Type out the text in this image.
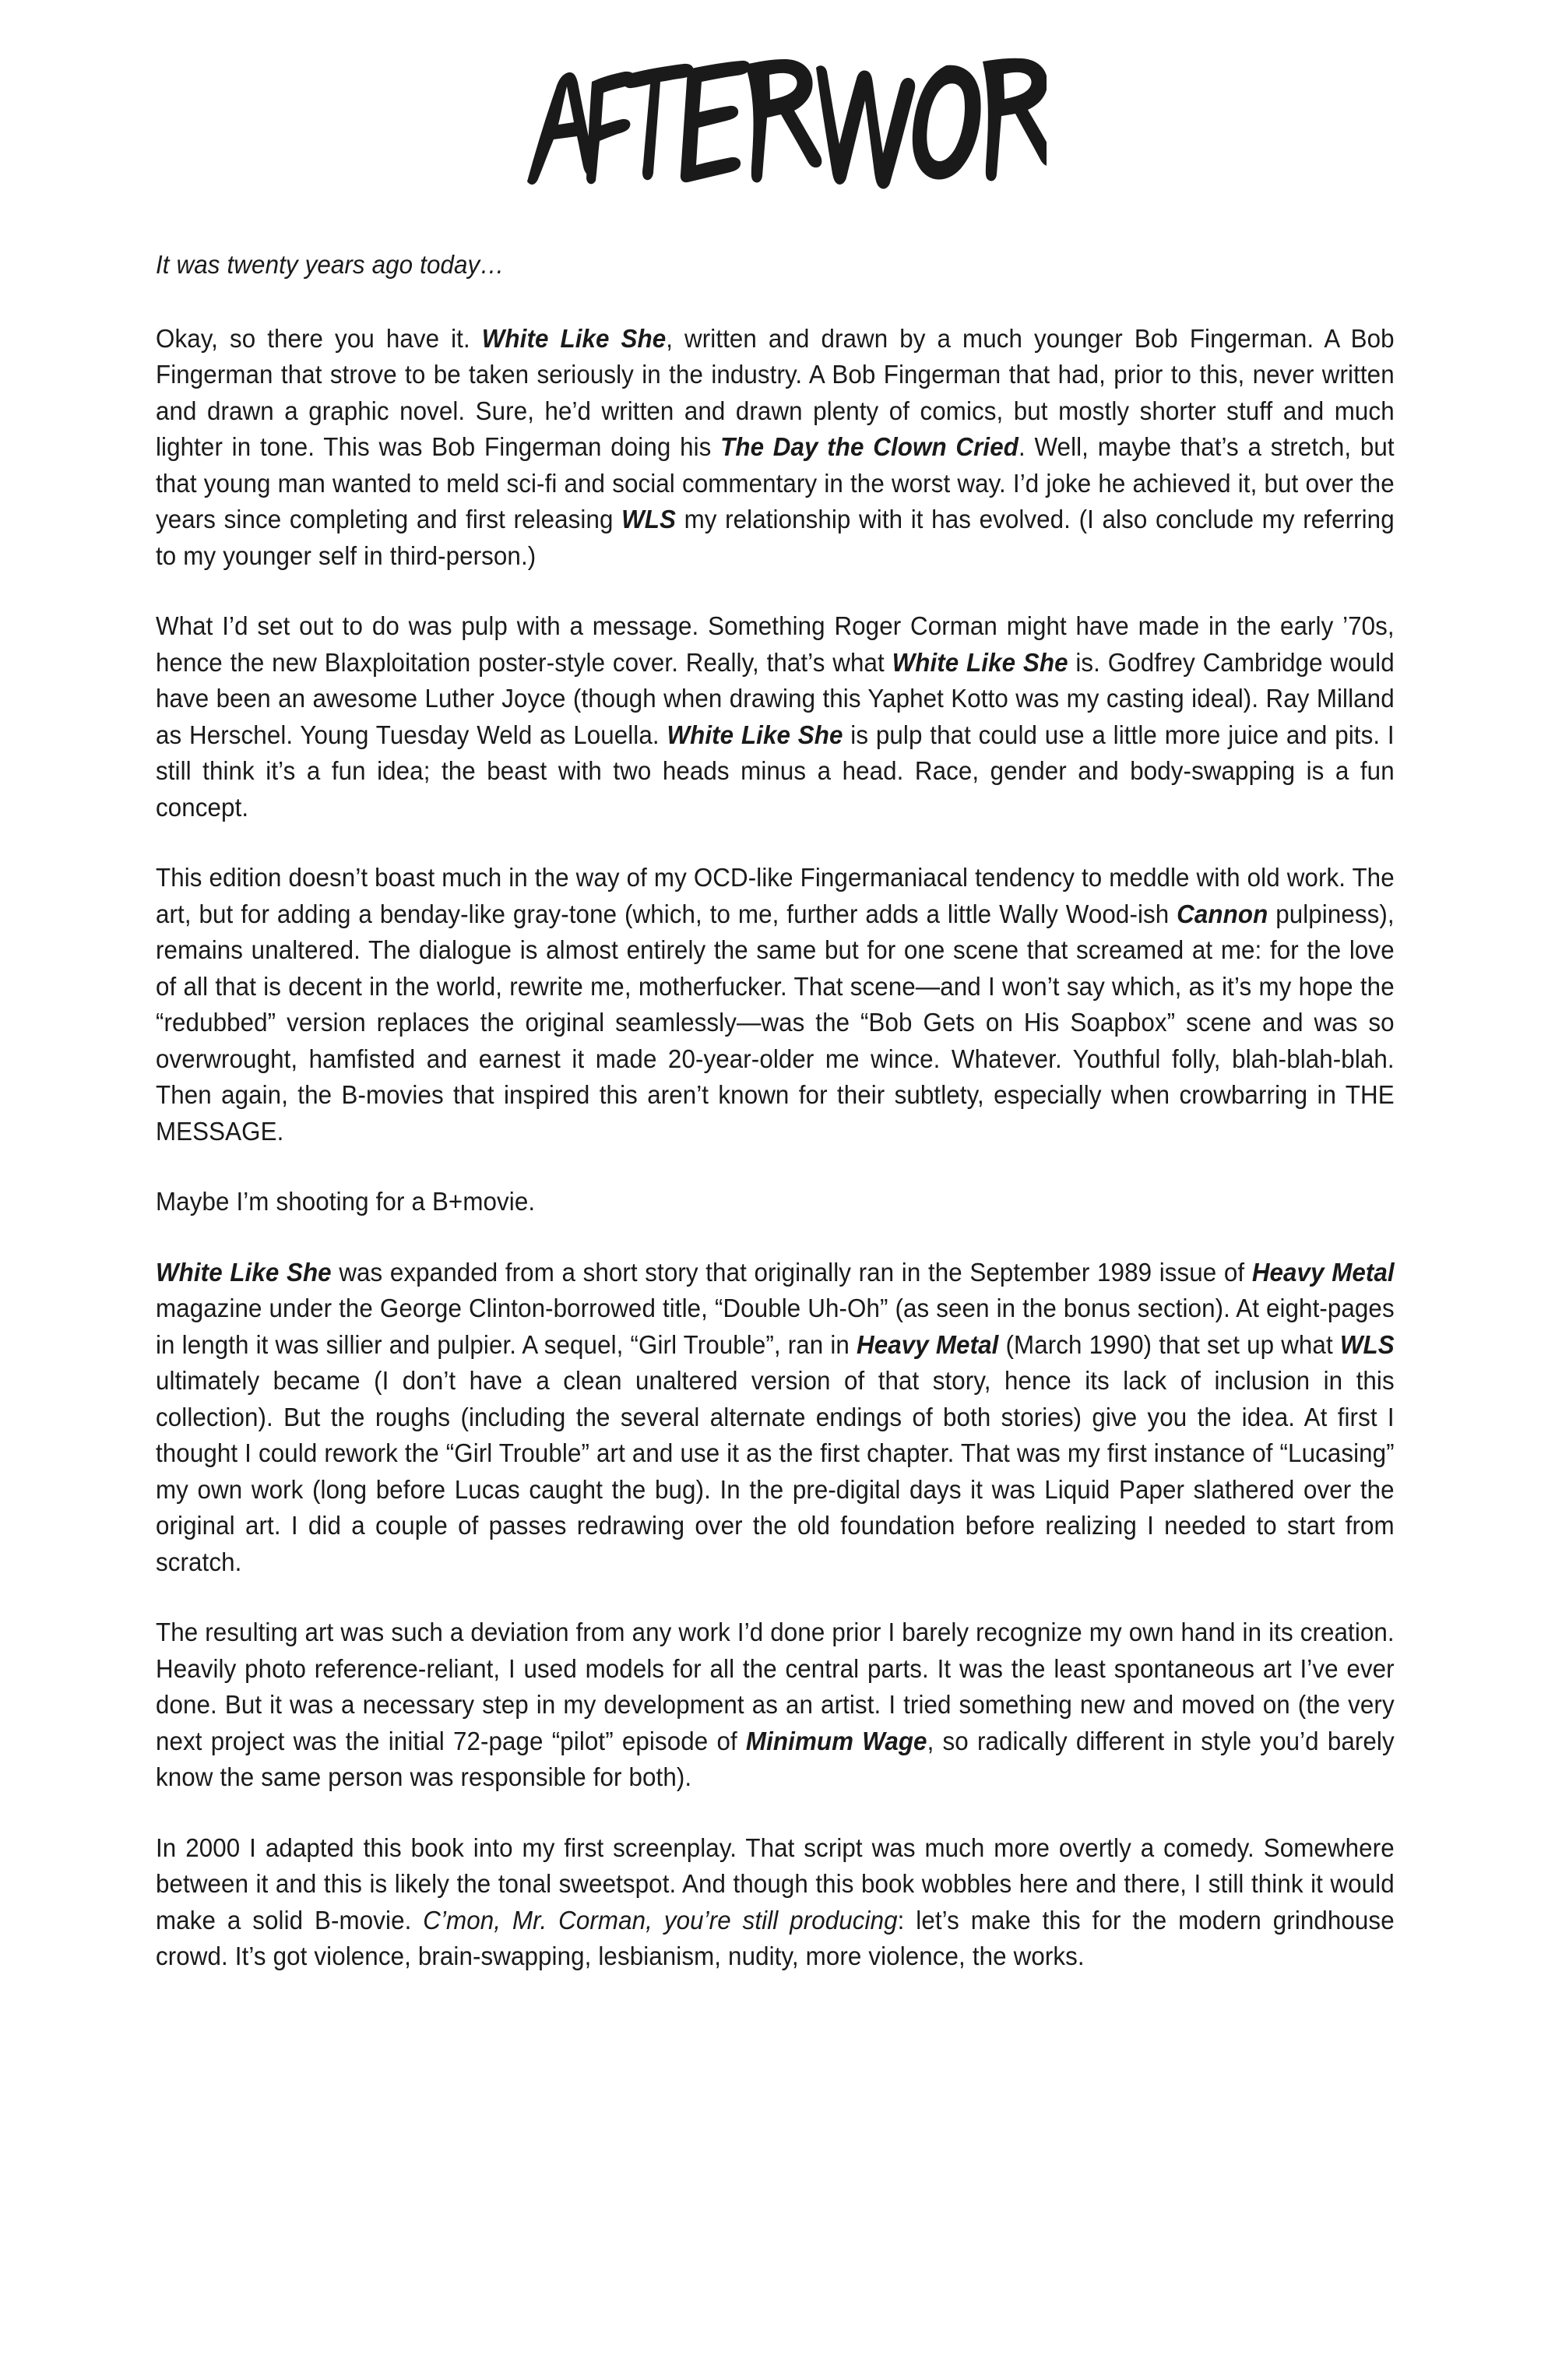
It was twenty years ago today…

Okay, so there you have it. White Like She, written and drawn by a much younger Bob Fingerman. A Bob Fingerman that strove to be taken seriously in the industry. A Bob Fingerman that had, prior to this, never written and drawn a graphic novel. Sure, he’d written and drawn plenty of comics, but mostly shorter stuff and much lighter in tone. This was Bob Fingerman doing his The Day the Clown Cried. Well, maybe that’s a stretch, but that young man wanted to meld sci-fi and social commentary in the worst way. I’d joke he achieved it, but over the years since completing and first releasing WLS my relationship with it has evolved. (I also conclude my referring to my younger self in third-person.)

What I’d set out to do was pulp with a message. Something Roger Corman might have made in the early ’70s, hence the new Blaxploitation poster-style cover. Really, that’s what White Like She is. Godfrey Cambridge would have been an awesome Luther Joyce (though when drawing this Yaphet Kotto was my casting ideal). Ray Milland as Herschel. Young Tuesday Weld as Louella. White Like She is pulp that could use a little more juice and pits. I still think it’s a fun idea; the beast with two heads minus a head. Race, gender and body-swapping is a fun concept.

This edition doesn’t boast much in the way of my OCD-like Fingermaniacal tendency to meddle with old work. The art, but for adding a benday-like gray-tone (which, to me, further adds a little Wally Wood-ish Cannon pulpiness), remains unaltered. The dialogue is almost entirely the same but for one scene that screamed at me: for the love of all that is decent in the world, rewrite me, motherfucker. That scene—and I won’t say which, as it’s my hope the “redubbed” version replaces the original seamlessly—was the “Bob Gets on His Soapbox” scene and was so overwrought, hamfisted and earnest it made 20-year-older me wince. Whatever. Youthful folly, blah-blah-blah. Then again, the B-movies that inspired this aren’t known for their subtlety, especially when crowbarring in THE MESSAGE.

Maybe I’m shooting for a B+movie.

White Like She was expanded from a short story that originally ran in the September 1989 issue of Heavy Metal magazine under the George Clinton-borrowed title, “Double Uh-Oh” (as seen in the bonus section). At eight-pages in length it was sillier and pulpier. A sequel, “Girl Trouble”, ran in Heavy Metal (March 1990) that set up what WLS ultimately became (I don’t have a clean unaltered version of that story, hence its lack of inclusion in this collection). But the roughs (including the several alternate endings of both stories) give you the idea. At first I thought I could rework the “Girl Trouble” art and use it as the first chapter. That was my first instance of “Lucasing” my own work (long before Lucas caught the bug). In the pre-digital days it was Liquid Paper slathered over the original art. I did a couple of passes redrawing over the old foundation before realizing I needed to start from scratch.

The resulting art was such a deviation from any work I’d done prior I barely recognize my own hand in its creation. Heavily photo reference-reliant, I used models for all the central parts. It was the least spontaneous art I’ve ever done. But it was a necessary step in my development as an artist. I tried something new and moved on (the very next project was the initial 72-page “pilot” episode of Minimum Wage, so radically different in style you’d barely know the same person was responsible for both).

In 2000 I adapted this book into my first screenplay. That script was much more overtly a comedy. Somewhere between it and this is likely the tonal sweetspot. And though this book wobbles here and there, I still think it would make a solid B-movie. C’mon, Mr. Corman, you’re still producing: let’s make this for the modern grindhouse crowd. It’s got violence, brain-swapping, lesbianism, nudity, more violence, the works.
